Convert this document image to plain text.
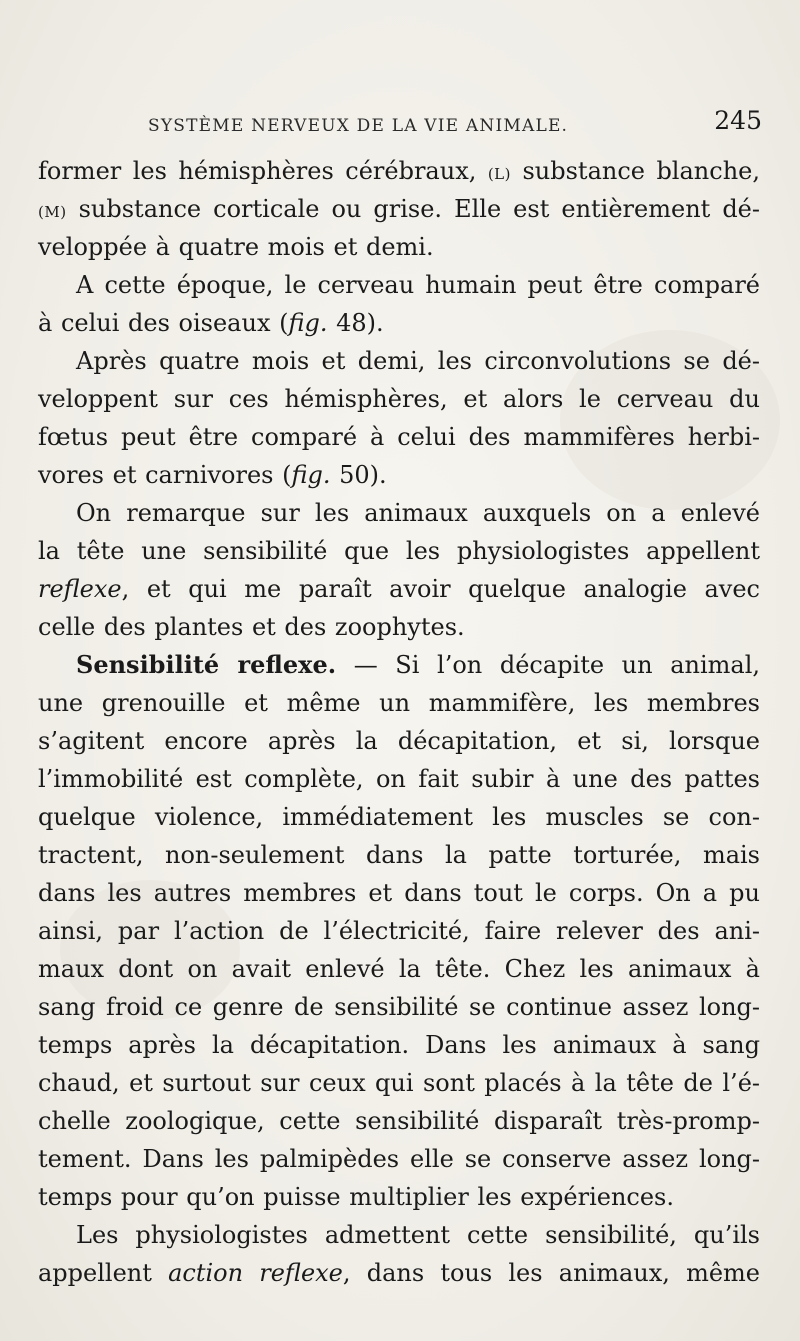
SYSTÈME NERVEUX DE LA VIE ANIMALE.	245
former les hémisphères cérébraux, (L) substance blanche,
(M) substance corticale ou grise. Elle est entièrement dé-
veloppée à quatre mois et demi.
A cette époque, le cerveau humain peut être comparé
à celui des oiseaux (fig. 48).
Après quatre mois et demi, les circonvolutions se dé-
veloppent sur ces hémisphères, et alors le cerveau du
fœtus peut être comparé à celui des mammifères herbi-
vores et carnivores (fig. 50).
On remarque sur les animaux auxquels on a enlevé
la tête une sensibilité que les physiologistes appellent
reflexe, et qui me paraît avoir quelque analogie avec
celle des plantes et des zoophytes.
Sensibilité reflexe. — Si l’on décapite un animal,
une grenouille et même un mammifère, les membres
s’agitent encore après la décapitation, et si, lorsque
l’immobilité est complète, on fait subir à une des pattes
quelque violence, immédiatement les muscles se con-
tractent, non-seulement dans la patte torturée, mais
dans les autres membres et dans tout le corps. On a pu
ainsi, par l’action de l’électricité, faire relever des ani-
maux dont on avait enlevé la tête. Chez les animaux à
sang froid ce genre de sensibilité se continue assez long-
temps après la décapitation. Dans les animaux à sang
chaud, et surtout sur ceux qui sont placés à la tête de l’é-
chelle zoologique, cette sensibilité disparaît très-promp-
tement. Dans les palmipèdes elle se conserve assez long-
temps pour qu’on puisse multiplier les expériences.
Les physiologistes admettent cette sensibilité, qu’ils
appellent action reflexe, dans tous les animaux, même
